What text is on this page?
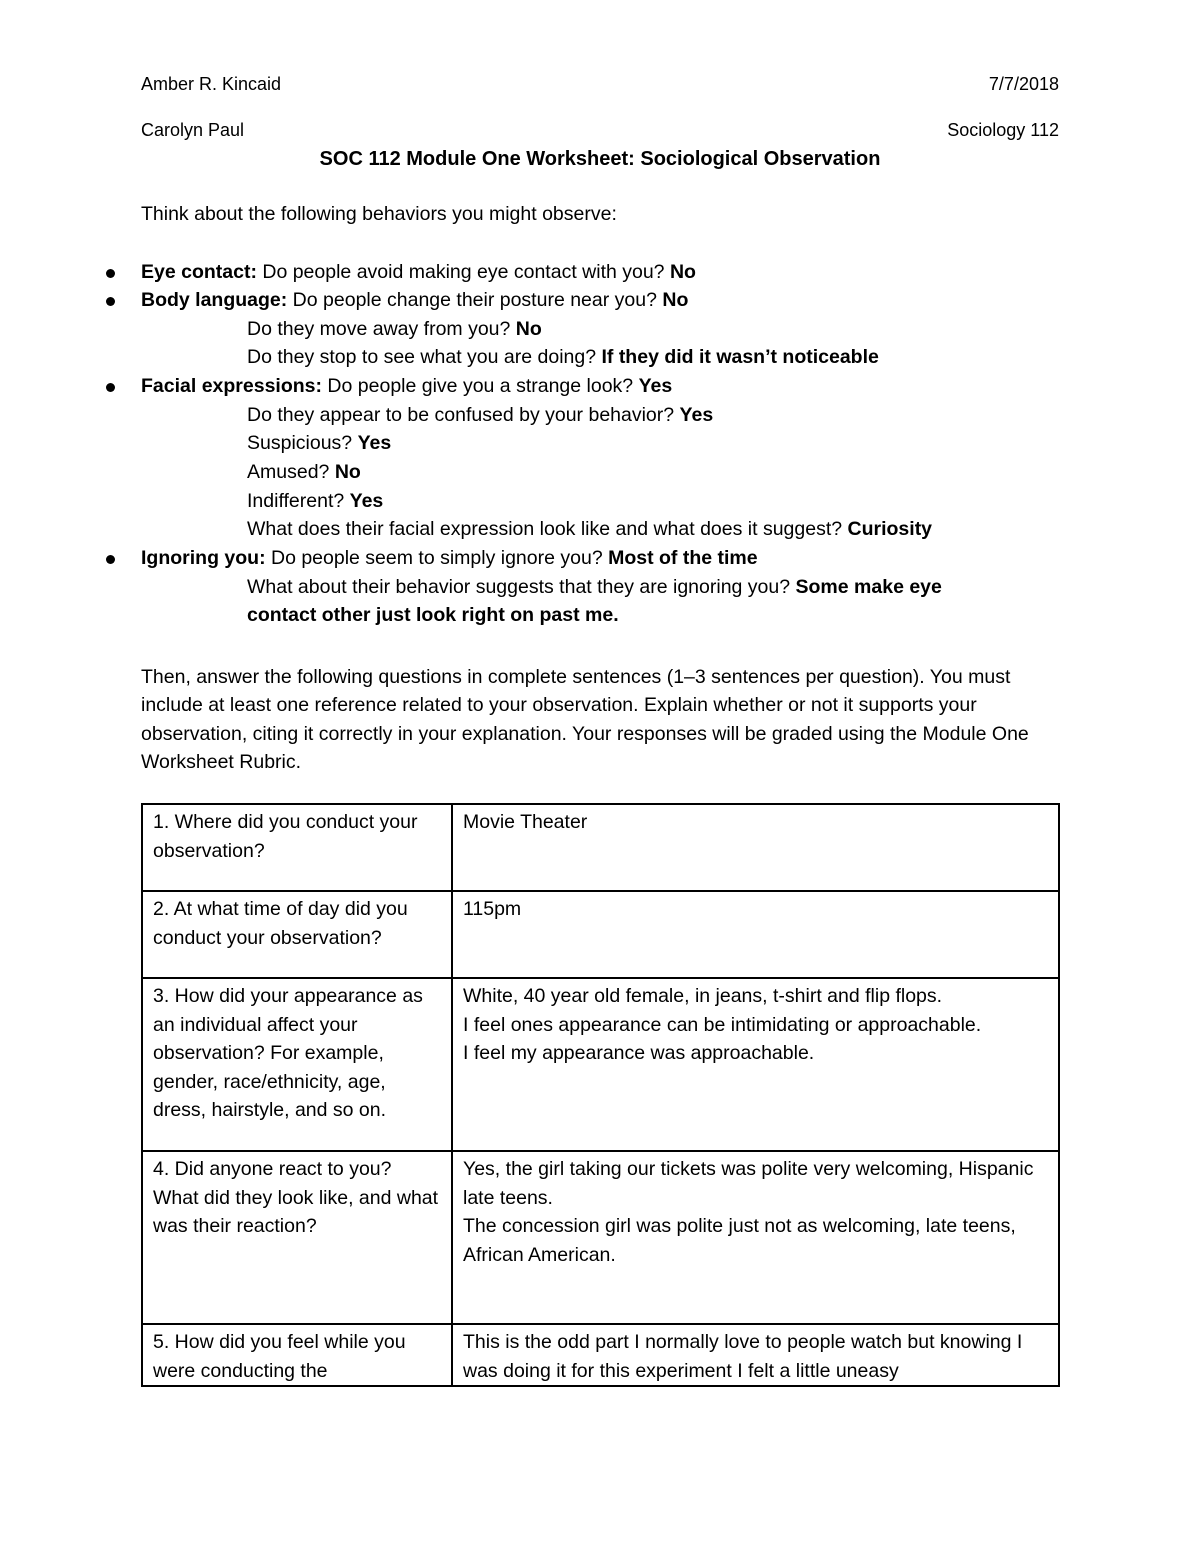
Amber R. Kincaid	7/7/2018
Carolyn Paul	Sociology 112
SOC 112 Module One Worksheet: Sociological Observation
Think about the following behaviors you might observe:
Eye contact: Do people avoid making eye contact with you? No
Body language: Do people change their posture near you? No
Do they move away from you? No
Do they stop to see what you are doing? If they did it wasn’t noticeable
Facial expressions: Do people give you a strange look? Yes
Do they appear to be confused by your behavior? Yes
Suspicious? Yes
Amused? No
Indifferent? Yes
What does their facial expression look like and what does it suggest? Curiosity
Ignoring you: Do people seem to simply ignore you? Most of the time
What about their behavior suggests that they are ignoring you? Some make eye
contact other just look right on past me.
Then, answer the following questions in complete sentences (1–3 sentences per question). You must include at least one reference related to your observation. Explain whether or not it supports your observation, citing it correctly in your explanation. Your responses will be graded using the Module One Worksheet Rubric.
1. Where did you conduct your observation?	Movie Theater
2. At what time of day did you conduct your observation?	115pm
3. How did your appearance as an individual affect your observation? For example, gender, race/ethnicity, age, dress, hairstyle, and so on.	White, 40 year old female, in jeans, t-shirt and flip flops.
I feel ones appearance can be intimidating or approachable.
I feel my appearance was approachable.

4. Did anyone react to you? What did they look like, and what was their reaction?	Yes, the girl taking our tickets was polite very welcoming, Hispanic late teens.
The concession girl was polite just not as welcoming, late teens, African American.

5. How did you feel while you were conducting the	This is the odd part I normally love to people watch but knowing I was doing it for this experiment I felt a little uneasy
